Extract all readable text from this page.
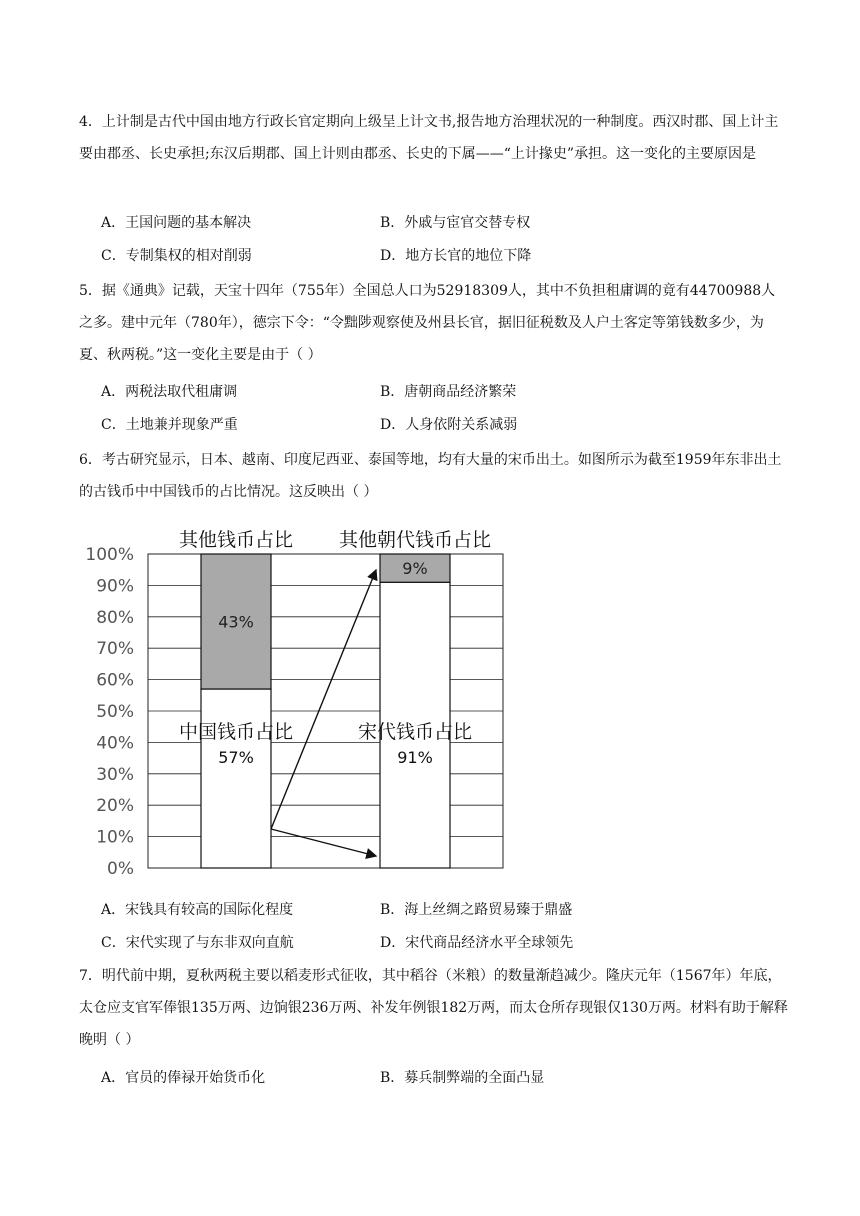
4．上计制是古代中国由地方行政长官定期向上级呈上计文书,报告地方治理状况的一种制度。西汉时郡、国上计主要由郡丞、长史承担;东汉后期郡、国上计则由郡丞、长史的下属——“上计掾史”承担。这一变化的主要原因是

A．王国问题的基本解决	B．外戚与宦官交替专权
C．专制集权的相对削弱	D．地方长官的地位下降

5．据《通典》记载，天宝十四年（755年）全国总人口为52918309人，其中不负担租庸调的竟有44700988人之多。建中元年（780年），德宗下令：“令黜陟观察使及州县长官，据旧征税数及人户土客定等第钱数多少，为夏、秋两税。”这一变化主要是由于（ ）

A．两税法取代租庸调	B．唐朝商品经济繁荣
C．土地兼并现象严重	D．人身依附关系减弱

6．考古研究显示，日本、越南、印度尼西亚、泰国等地，均有大量的宋币出土。如图所示为截至1959年东非出土的古钱币中中国钱币的占比情况。这反映出（ ）

0%
10%
20%
30%
40%
50%
60%
70%
80%
90%
100%
43%
其他钱币占比
中国钱币占比
57%
9%
其他朝代钱币占比
宋代钱币占比
91%
A．宋钱具有较高的国际化程度	B．海上丝绸之路贸易臻于鼎盛
C．宋代实现了与东非双向直航	D．宋代商品经济水平全球领先

7．明代前中期，夏秋两税主要以稻麦形式征收，其中稻谷（米粮）的数量渐趋减少。隆庆元年（1567年）年底，太仓应支官军俸银135万两、边饷银236万两、补发年例银182万两，而太仓所存现银仅130万两。材料有助于解释晚明（ ）

A．官员的俸禄开始货币化	B．募兵制弊端的全面凸显
